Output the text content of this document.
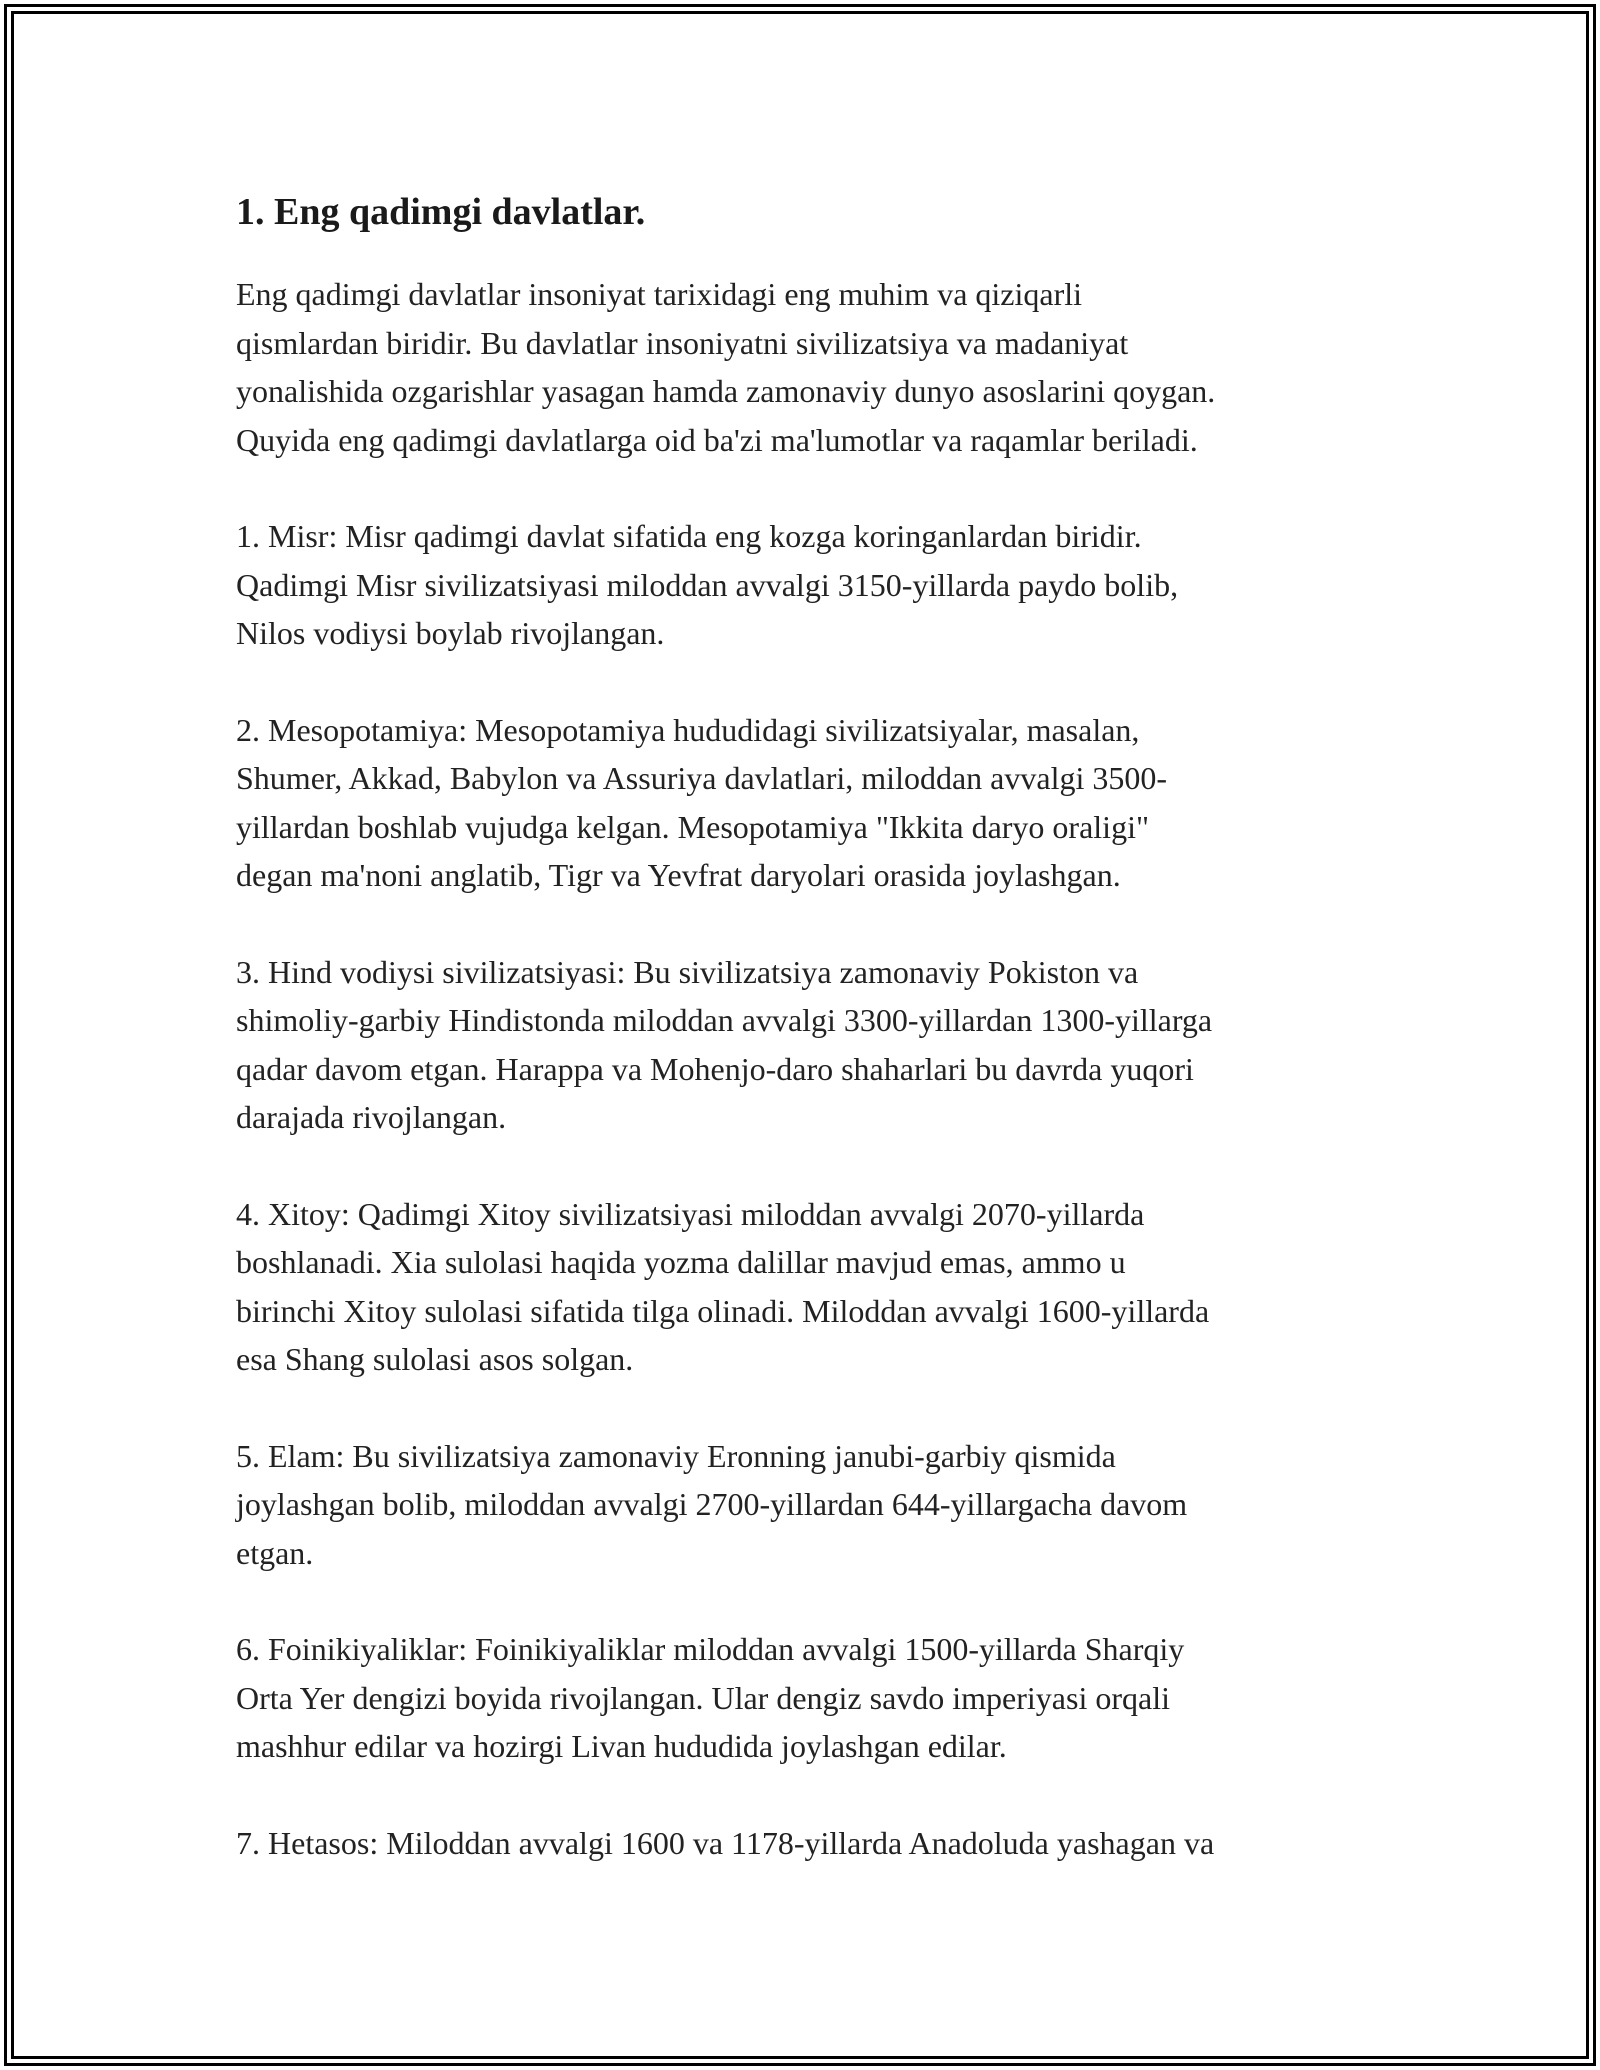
1. Eng qadimgi davlatlar.

Eng qadimgi davlatlar insoniyat tarixidagi eng muhim va qiziqarli
qismlardan biridir. Bu davlatlar insoniyatni sivilizatsiya va madaniyat
yonalishida ozgarishlar yasagan hamda zamonaviy dunyo asoslarini qoygan.
Quyida eng qadimgi davlatlarga oid ba'zi ma'lumotlar va raqamlar beriladi.

1. Misr: Misr qadimgi davlat sifatida eng kozga koringanlardan biridir.
Qadimgi Misr sivilizatsiyasi miloddan avvalgi 3150-yillarda paydo bolib,
Nilos vodiysi boylab rivojlangan.

2. Mesopotamiya: Mesopotamiya hududidagi sivilizatsiyalar, masalan,
Shumer, Akkad, Babylon va Assuriya davlatlari, miloddan avvalgi 3500-
yillardan boshlab vujudga kelgan. Mesopotamiya "Ikkita daryo oraligi"
degan ma'noni anglatib, Tigr va Yevfrat daryolari orasida joylashgan.

3. Hind vodiysi sivilizatsiyasi: Bu sivilizatsiya zamonaviy Pokiston va
shimoliy-garbiy Hindistonda miloddan avvalgi 3300-yillardan 1300-yillarga
qadar davom etgan. Harappa va Mohenjo-daro shaharlari bu davrda yuqori
darajada rivojlangan.

4. Xitoy: Qadimgi Xitoy sivilizatsiyasi miloddan avvalgi 2070-yillarda
boshlanadi. Xia sulolasi haqida yozma dalillar mavjud emas, ammo u
birinchi Xitoy sulolasi sifatida tilga olinadi. Miloddan avvalgi 1600-yillarda
esa Shang sulolasi asos solgan.

5. Elam: Bu sivilizatsiya zamonaviy Eronning janubi-garbiy qismida
joylashgan bolib, miloddan avvalgi 2700-yillardan 644-yillargacha davom
etgan.

6. Foinikiyaliklar: Foinikiyaliklar miloddan avvalgi 1500-yillarda Sharqiy
Orta Yer dengizi boyida rivojlangan. Ular dengiz savdo imperiyasi orqali
mashhur edilar va hozirgi Livan hududida joylashgan edilar.

7. Hetasos: Miloddan avvalgi 1600 va 1178-yillarda Anadoluda yashagan va
